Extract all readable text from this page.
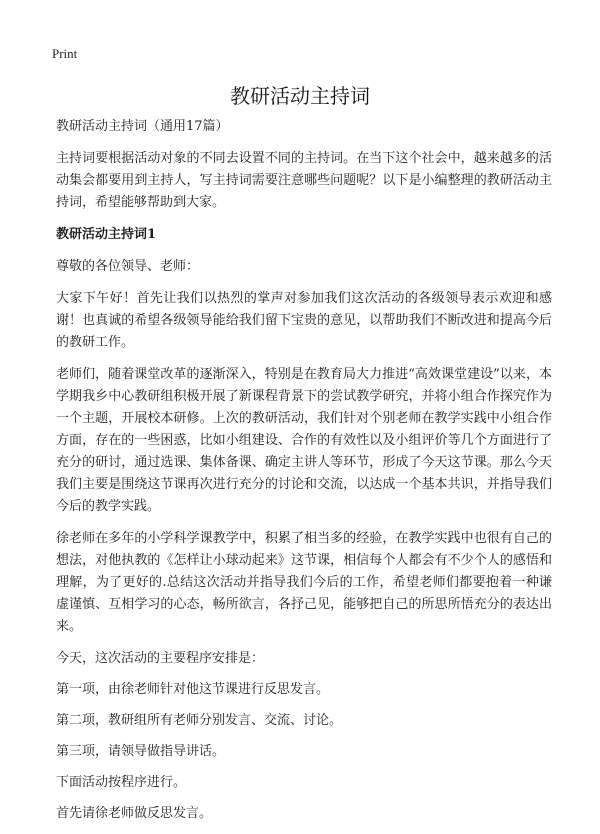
Print
教研活动主持词

教研活动主持词（通用17篇）

主持词要根据活动对象的不同去设置不同的主持词。在当下这个社会中，越来越多的活动集会都要用到主持人，写主持词需要注意哪些问题呢？以下是小编整理的教研活动主持词，希望能够帮助到大家。

教研活动主持词1

尊敬的各位领导、老师：

大家下午好！首先让我们以热烈的掌声对参加我们这次活动的各级领导表示欢迎和感谢！也真诚的希望各级领导能给我们留下宝贵的意见，以帮助我们不断改进和提高今后的教研工作。

老师们，随着课堂改革的逐渐深入，特别是在教育局大力推进“高效课堂建设”以来，本学期我乡中心教研组积极开展了新课程背景下的尝试教学研究，并将小组合作探究作为一个主题，开展校本研修。上次的教研活动，我们针对个别老师在教学实践中小组合作方面，存在的一些困惑，比如小组建设、合作的有效性以及小组评价等几个方面进行了充分的研讨，通过选课、集体备课、确定主讲人等环节，形成了今天这节课。那么今天我们主要是围绕这节课再次进行充分的讨论和交流，以达成一个基本共识，并指导我们今后的教学实践。

徐老师在多年的小学科学课教学中，积累了相当多的经验，在教学实践中也很有自己的想法，对他执教的《怎样让小球动起来》这节课，相信每个人都会有不少个人的感悟和理解，为了更好的.总结这次活动并指导我们今后的工作，希望老师们都要抱着一种谦虚谨慎、互相学习的心态，畅所欲言，各抒己见，能够把自己的所思所悟充分的表达出来。

今天，这次活动的主要程序安排是：

第一项，由徐老师针对他这节课进行反思发言。

第二项，教研组所有老师分别发言、交流、讨论。

第三项，请领导做指导讲话。

下面活动按程序进行。

首先请徐老师做反思发言。
